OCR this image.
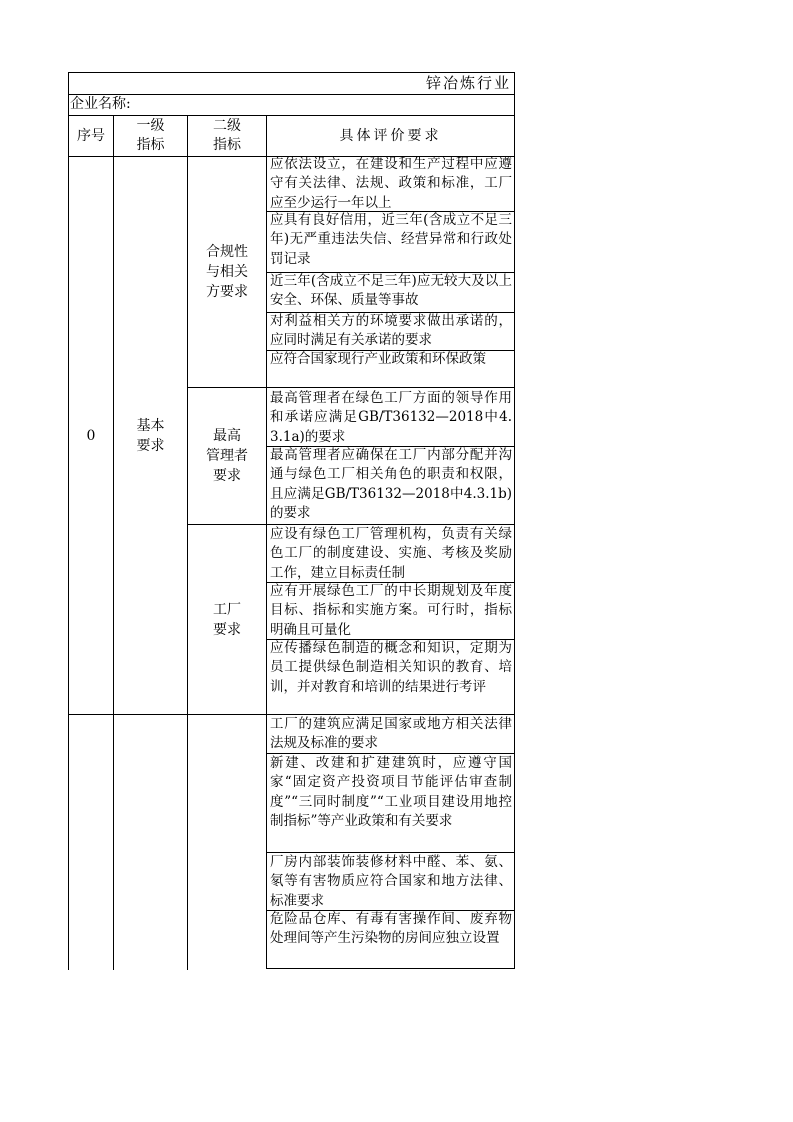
锌冶炼行业
企业名称:
序号
一级
指标
二级
指标
具体评价要求
0
基本
要求
合规性
与相关
方要求
最高
管理者
要求
工厂
要求
应依法设立，在建设和生产过程中应遵守有关法律、法规、政策和标准，工厂应至少运行一年以上
应具有良好信用，近三年(含成立不足三年)无严重违法失信、经营异常和行政处罚记录
近三年(含成立不足三年)应无较大及以上安全、环保、质量等事故
对利益相关方的环境要求做出承诺的，应同时满足有关承诺的要求
应符合国家现行产业政策和环保政策
最高管理者在绿色工厂方面的领导作用和承诺应满足GB/T36132—2018中4.3.1a)的要求
最高管理者应确保在工厂内部分配并沟通与绿色工厂相关角色的职责和权限，且应满足GB/T36132—2018中4.3.1b)的要求
应设有绿色工厂管理机构，负责有关绿色工厂的制度建设、实施、考核及奖励工作，建立目标责任制
应有开展绿色工厂的中长期规划及年度目标、指标和实施方案。可行时，指标明确且可量化
应传播绿色制造的概念和知识，定期为员工提供绿色制造相关知识的教育、培训，并对教育和培训的结果进行考评
工厂的建筑应满足国家或地方相关法律法规及标准的要求
新建、改建和扩建建筑时，应遵守国家“固定资产投资项目节能评估审查制度”“三同时制度”“工业项目建设用地控制指标”等产业政策和有关要求
厂房内部装饰装修材料中醛、苯、氨、氡等有害物质应符合国家和地方法律、标准要求
危险品仓库、有毒有害操作间、废弃物处理间等产生污染物的房间应独立设置
